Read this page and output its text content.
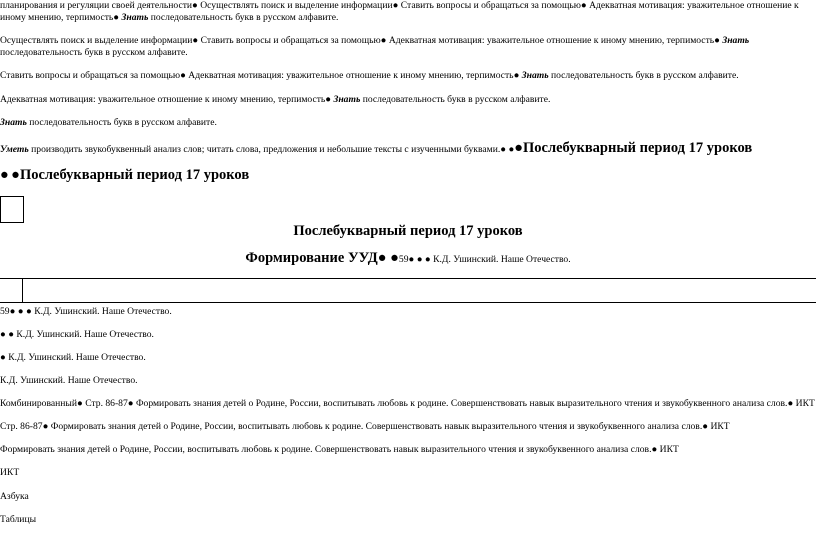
планирования и регуляции своей деятельности● Осуществлять поиск и выделение информации● Ставить вопросы и обращаться за помощью● Адекватная мотивация: уважительное отношение к иному мнению, терпимость● Знать последовательность букв в русском алфавите.

Осуществлять поиск и выделение информации● Ставить вопросы и обращаться за помощью● Адекватная мотивация: уважительное отношение к иному мнению, терпимость● Знать последовательность букв в русском алфавите.

Ставить вопросы и обращаться за помощью● Адекватная мотивация: уважительное отношение к иному мнению, терпимость● Знать последовательность букв в русском алфавите.

Адекватная мотивация: уважительное отношение к иному мнению, терпимость● Знать последовательность букв в русском алфавите.

Знать последовательность букв в русском алфавите.

Уметь производить звукобуквенный анализ слов; читать слова, предложения и небольшие тексты с изученными буквами.● ●●Послебукварный период 17 уроков

● ●Послебукварный период 17 уроков

Послебукварный период 17 уроков

Формирование УУД● ●59● ● ● К.Д. Ушинский. Наше Отечество.

59● ● ● К.Д. Ушинский. Наше Отечество.

● ● К.Д. Ушинский. Наше Отечество.

● К.Д. Ушинский. Наше Отечество.

К.Д. Ушинский. Наше Отечество.

Комбинированный● Стр. 86-87● Формировать знания детей о Родине, России, воспитывать любовь к родине. Совершенствовать навык выразительного чтения и звукобуквенного анализа слов.● ИКТ

Стр. 86-87● Формировать знания детей о Родине, России, воспитывать любовь к родине. Совершенствовать навык выразительного чтения и звукобуквенного анализа слов.● ИКТ

Формировать знания детей о Родине, России, воспитывать любовь к родине. Совершенствовать навык выразительного чтения и звукобуквенного анализа слов.● ИКТ

ИКТ

Азбука

Таблицы
